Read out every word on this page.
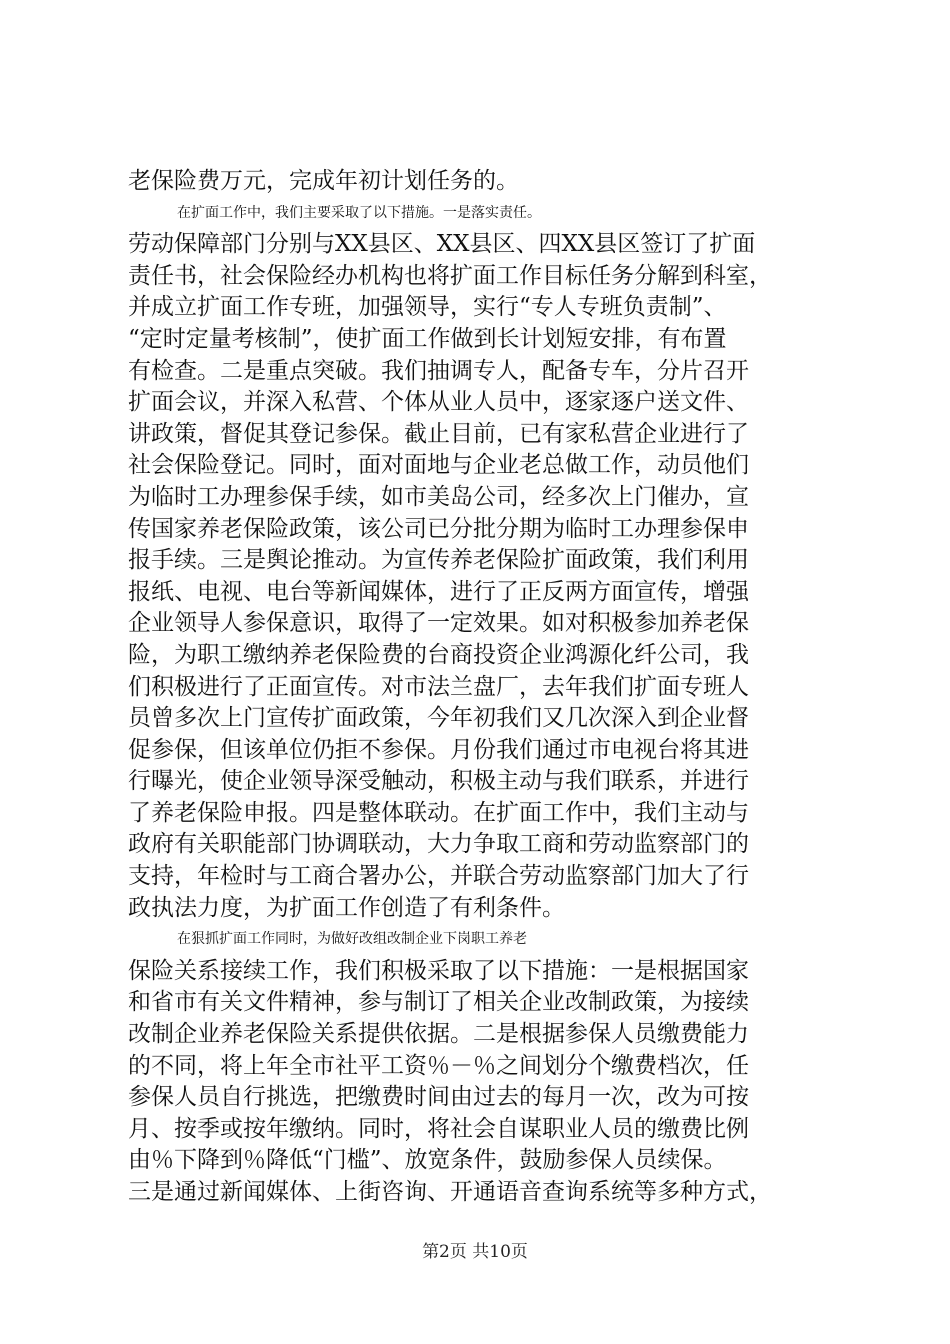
老保险费万元，完成年初计划任务的。
在扩面工作中，我们主要采取了以下措施。一是落实责任。
劳动保障部门分别与XX县区、XX县区、四XX县区签订了扩面
责任书，社会保险经办机构也将扩面工作目标任务分解到科室，
并成立扩面工作专班，加强领导，实行“专人专班负责制”、
“定时定量考核制”，使扩面工作做到长计划短安排，有布置
有检查。二是重点突破。我们抽调专人，配备专车，分片召开
扩面会议，并深入私营、个体从业人员中，逐家逐户送文件、
讲政策，督促其登记参保。截止目前，已有家私营企业进行了
社会保险登记。同时，面对面地与企业老总做工作，动员他们
为临时工办理参保手续，如市美岛公司，经多次上门催办，宣
传国家养老保险政策，该公司已分批分期为临时工办理参保申
报手续。三是舆论推动。为宣传养老保险扩面政策，我们利用
报纸、电视、电台等新闻媒体，进行了正反两方面宣传，增强
企业领导人参保意识，取得了一定效果。如对积极参加养老保
险，为职工缴纳养老保险费的台商投资企业鸿源化纤公司，我
们积极进行了正面宣传。对市法兰盘厂，去年我们扩面专班人
员曾多次上门宣传扩面政策，今年初我们又几次深入到企业督
促参保，但该单位仍拒不参保。月份我们通过市电视台将其进
行曝光，使企业领导深受触动，积极主动与我们联系，并进行
了养老保险申报。四是整体联动。在扩面工作中，我们主动与
政府有关职能部门协调联动，大力争取工商和劳动监察部门的
支持，年检时与工商合署办公，并联合劳动监察部门加大了行
政执法力度，为扩面工作创造了有利条件。
在狠抓扩面工作同时，为做好改组改制企业下岗职工养老
保险关系接续工作，我们积极采取了以下措施：一是根据国家
和省市有关文件精神，参与制订了相关企业改制政策，为接续
改制企业养老保险关系提供依据。二是根据参保人员缴费能力
的不同，将上年全市社平工资％－％之间划分个缴费档次，任
参保人员自行挑选，把缴费时间由过去的每月一次，改为可按
月、按季或按年缴纳。同时，将社会自谋职业人员的缴费比例
由％下降到％降低“门槛”、放宽条件，鼓励参保人员续保。
三是通过新闻媒体、上街咨询、开通语音查询系统等多种方式，
第2页 共10页
